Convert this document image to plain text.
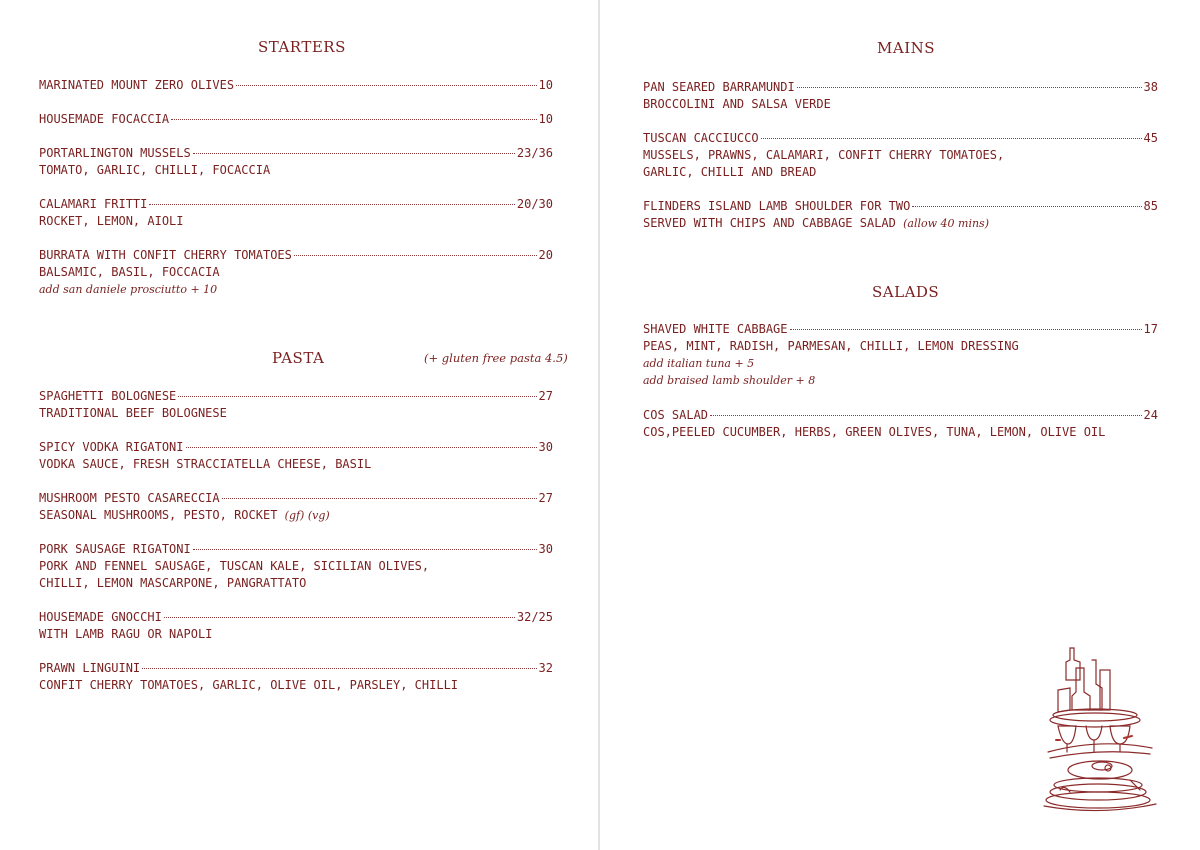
STARTERS
MARINATED MOUNT ZERO OLIVES	10
HOUSEMADE FOCACCIA	10
PORTARLINGTON MUSSELS	23/36
TOMATO, GARLIC, CHILLI, FOCACCIA
CALAMARI FRITTI	20/30
ROCKET, LEMON, AIOLI
BURRATA WITH CONFIT CHERRY TOMATOES	20
BALSAMIC, BASIL, FOCCACIA
add san daniele prosciutto + 10
PASTA	(+ gluten free pasta 4.5)
SPAGHETTI BOLOGNESE	27
TRADITIONAL BEEF BOLOGNESE
SPICY VODKA RIGATONI	30
VODKA SAUCE, FRESH STRACCIATELLA CHEESE, BASIL
MUSHROOM PESTO CASARECCIA	27
SEASONAL MUSHROOMS, PESTO, ROCKET (gf) (vg)
PORK SAUSAGE RIGATONI	30
PORK AND FENNEL SAUSAGE, TUSCAN KALE, SICILIAN OLIVES,
CHILLI, LEMON MASCARPONE, PANGRATTATO
HOUSEMADE GNOCCHI	32/25
WITH LAMB RAGU OR NAPOLI
PRAWN LINGUINI	32
CONFIT CHERRY TOMATOES, GARLIC, OLIVE OIL, PARSLEY, CHILLI
MAINS
PAN SEARED BARRAMUNDI	38
BROCCOLINI AND SALSA VERDE
TUSCAN CACCIUCCO	45
MUSSELS, PRAWNS, CALAMARI, CONFIT CHERRY TOMATOES,
GARLIC, CHILLI AND BREAD
FLINDERS ISLAND LAMB SHOULDER FOR TWO	85
SERVED WITH CHIPS AND CABBAGE SALAD (allow 40 mins)
SALADS
SHAVED WHITE CABBAGE	17
PEAS, MINT, RADISH, PARMESAN, CHILLI, LEMON DRESSING
add italian tuna + 5
add braised lamb shoulder + 8
COS SALAD	24
COS,PEELED CUCUMBER, HERBS, GREEN OLIVES, TUNA, LEMON, OLIVE OIL
